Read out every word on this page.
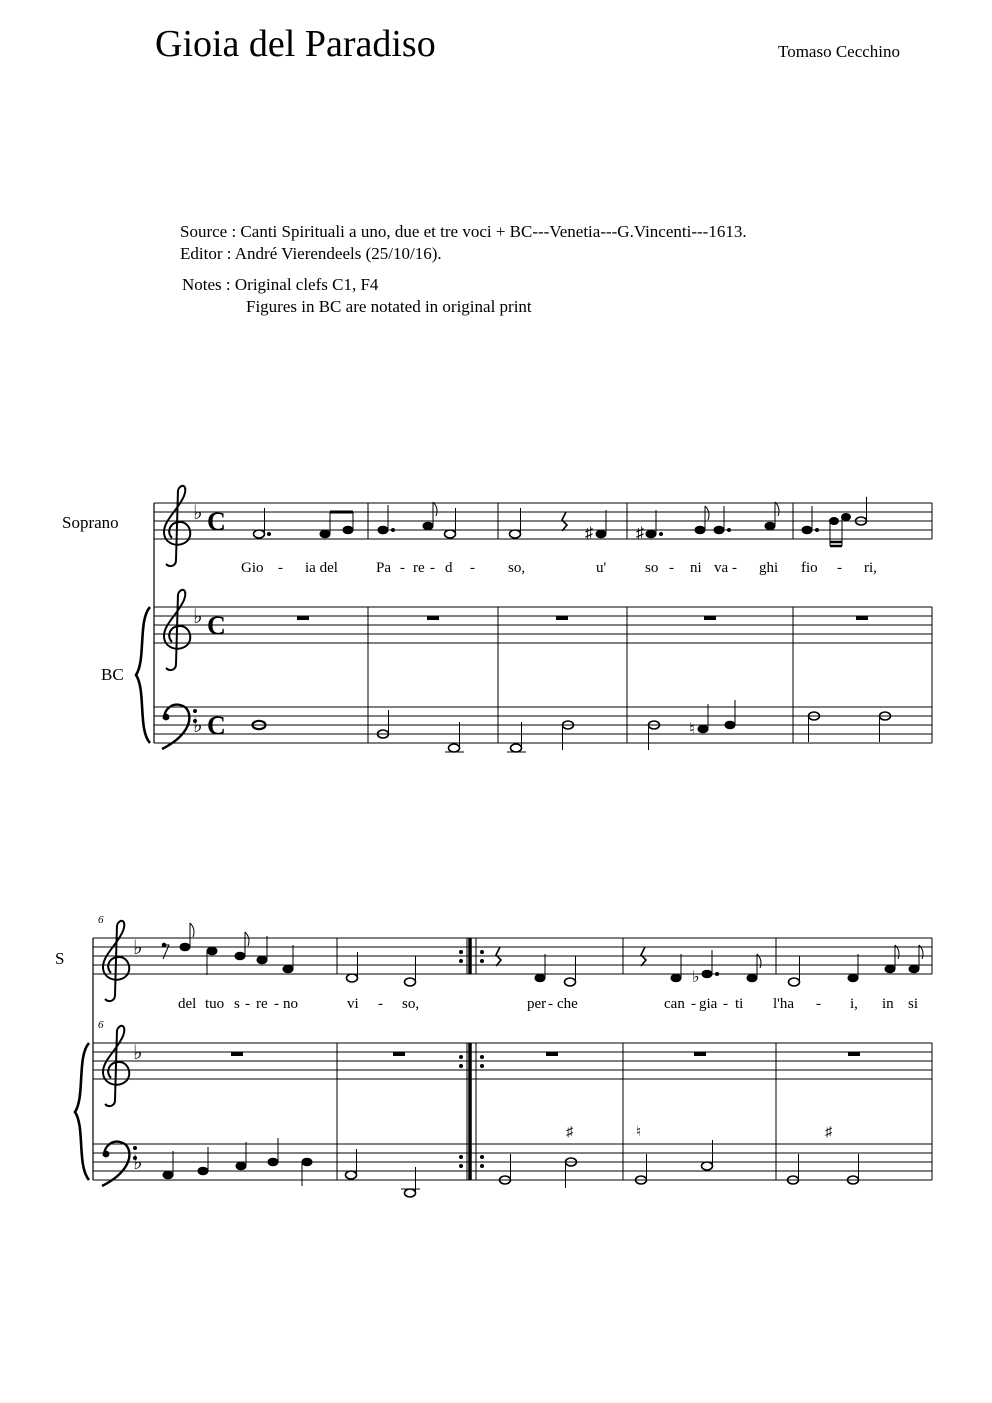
Gioia del Paradiso	Tomaso Cecchino
Source : Canti Spirituali a uno, due et tre voci + BC---Venetia---G.Vincenti---1613.
Editor : André Vierendeels (25/10/16).
Notes : Original clefs C1, F4
Figures in BC are notated in original print
Soprano
BC
♭ C	♯	♯
Gio - ia del	Pa - re - d - so,	u'	so - ni va - ghi fio - ri,
♭ C
♭ C	♮
S
6
6
♭
♭
del tuo s - re - no	vi - so,	per - che	can - gia - ti l'ha - i, in si
♭
♯	♮	♯
♭
